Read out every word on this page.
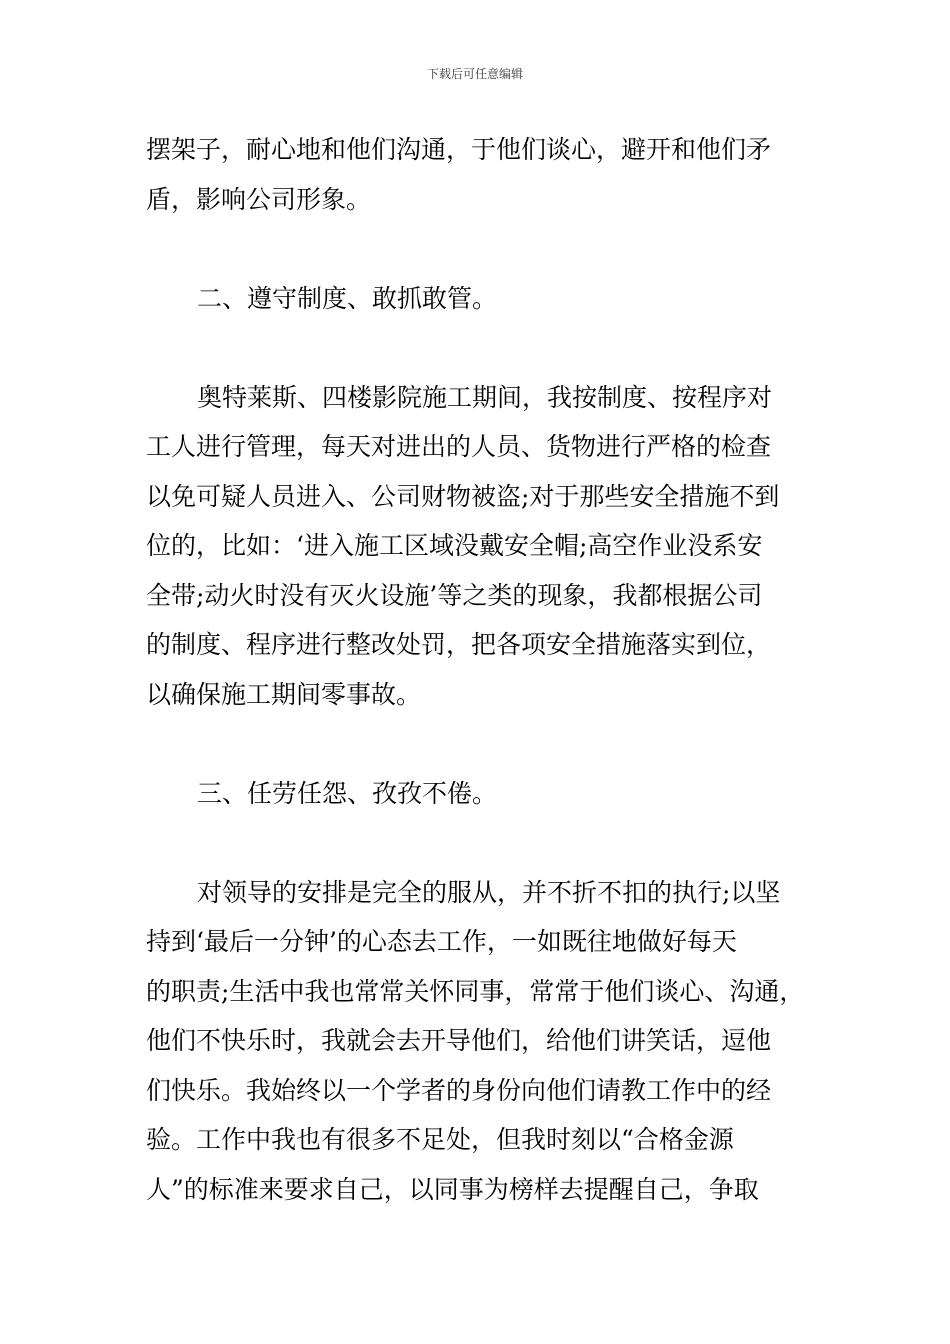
下载后可任意编辑
摆架子，耐心地和他们沟通，于他们谈心，避开和他们矛
盾，影响公司形象。
二、遵守制度、敢抓敢管。
奥特莱斯、四楼影院施工期间，我按制度、按程序对
工人进行管理，每天对进出的人员、货物进行严格的检查
以免可疑人员进入、公司财物被盗;对于那些安全措施不到
位的，比如：‘进入施工区域没戴安全帽;高空作业没系安
全带;动火时没有灭火设施’等之类的现象，我都根据公司
的制度、程序进行整改处罚，把各项安全措施落实到位，
以确保施工期间零事故。
三、任劳任怨、孜孜不倦。
对领导的安排是完全的服从，并不折不扣的执行;以坚
持到‘最后一分钟’的心态去工作，一如既往地做好每天
的职责;生活中我也常常关怀同事，常常于他们谈心、沟通，
他们不快乐时，我就会去开导他们，给他们讲笑话，逗他
们快乐。我始终以一个学者的身份向他们请教工作中的经
验。工作中我也有很多不足处，但我时刻以“合格金源
人”的标准来要求自己，以同事为榜样去提醒自己，争取
